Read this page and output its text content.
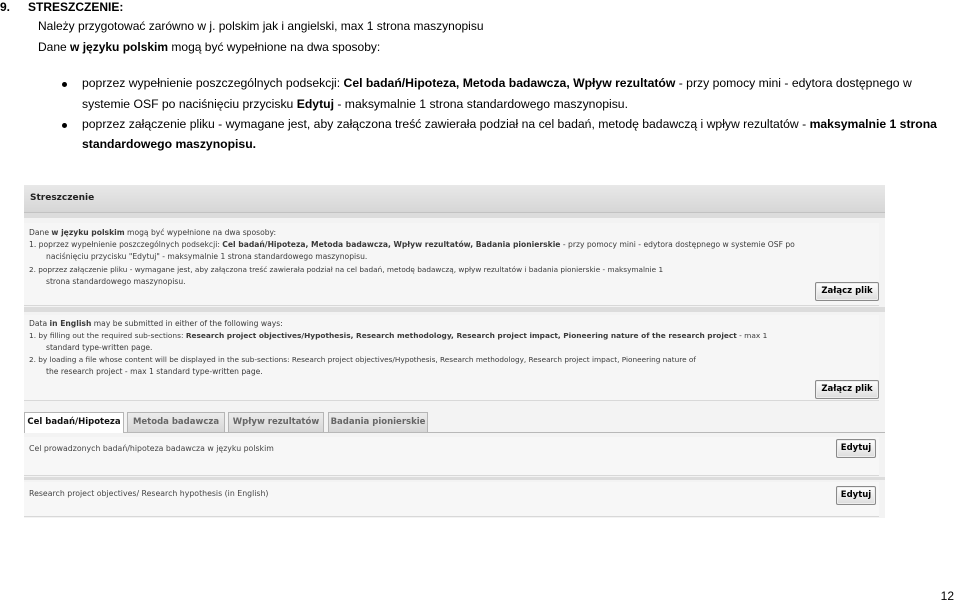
9. STRESZCZENIE:
Należy przygotować zarówno w j. polskim jak i angielski, max 1 strona maszynopisu
Dane w języku polskim mogą być wypełnione na dwa sposoby:
poprzez wypełnienie poszczególnych podsekcji: Cel badań/Hipoteza, Metoda badawcza, Wpływ rezultatów - przy pomocy mini - edytora dostępnego w
systemie OSF po naciśnięciu przycisku Edytuj - maksymalnie 1 strona standardowego maszynopisu.
poprzez załączenie pliku - wymagane jest, aby załączona treść zawierała podział na cel badań, metodę badawczą i wpływ rezultatów - maksymalnie 1 strona
standardowego maszynopisu.
Streszczenie
Dane w języku polskim mogą być wypełnione na dwa sposoby:
1. poprzez wypełnienie poszczególnych podsekcji: Cel badań/Hipoteza, Metoda badawcza, Wpływ rezultatów, Badania pionierskie - przy pomocy mini - edytora dostępnego w systemie OSF po
naciśnięciu przycisku "Edytuj" - maksymalnie 1 strona standardowego maszynopisu.
2. poprzez załączenie pliku - wymagane jest, aby załączona treść zawierała podział na cel badań, metodę badawczą, wpływ rezultatów i badania pionierskie - maksymalnie 1
strona standardowego maszynopisu.
Załącz plik
Data in English may be submitted in either of the following ways:
1. by filling out the required sub-sections: Research project objectives/Hypothesis, Research methodology, Research project impact, Pioneering nature of the research project - max 1
standard type-written page.
2. by loading a file whose content will be displayed in the sub-sections: Research project objectives/Hypothesis, Research methodology, Research project impact, Pioneering nature of
the research project - max 1 standard type-written page.
Załącz plik
Cel badań/Hipoteza	Metoda badawcza	Wpływ rezultatów	Badania pionierskie
Cel prowadzonych badań/hipoteza badawcza w języku polskim	Edytuj
Research project objectives/ Research hypothesis (in English)	Edytuj
12
